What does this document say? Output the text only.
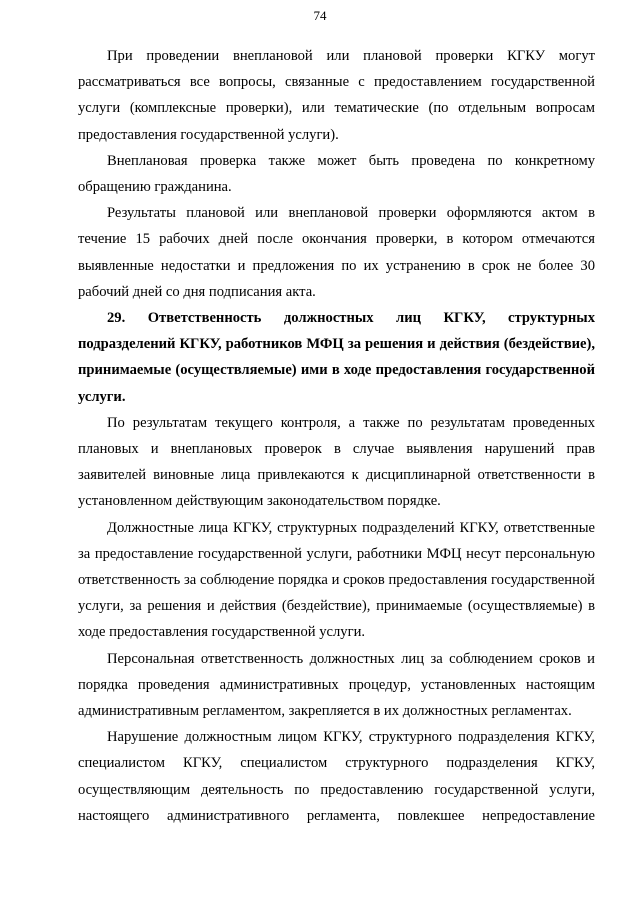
74

При проведении внеплановой или плановой проверки КГКУ могут рассматриваться все вопросы, связанные с предоставлением государственной услуги (комплексные проверки), или тематические (по отдельным вопросам предоставления государственной услуги).

Внеплановая проверка также может быть проведена по конкретному обращению гражданина.

Результаты плановой или внеплановой проверки оформляются актом в течение 15 рабочих дней после окончания проверки, в котором отмечаются выявленные недостатки и предложения по их устранению в срок не более 30 рабочий дней со дня подписания акта.

29. Ответственность должностных лиц КГКУ, структурных подразделений КГКУ, работников МФЦ за решения и действия (бездействие), принимаемые (осуществляемые) ими в ходе предоставления государственной услуги.

По результатам текущего контроля, а также по результатам проведенных плановых и внеплановых проверок в случае выявления нарушений прав заявителей виновные лица привлекаются к дисциплинарной ответственности в установленном действующим законодательством порядке.

Должностные лица КГКУ, структурных подразделений КГКУ, ответственные за предоставление государственной услуги, работники МФЦ несут персональную ответственность за соблюдение порядка и сроков предоставления государственной услуги, за решения и действия (бездействие), принимаемые (осуществляемые) в ходе предоставления государственной услуги.

Персональная ответственность должностных лиц за соблюдением сроков и порядка проведения административных процедур, установленных настоящим административным регламентом, закрепляется в их должностных регламентах.

Нарушение должностным лицом КГКУ, структурного подразделения КГКУ, специалистом КГКУ, специалистом структурного подразделения КГКУ, осуществляющим деятельность по предоставлению государственной услуги, настоящего административного регламента, повлекшее непредоставление
